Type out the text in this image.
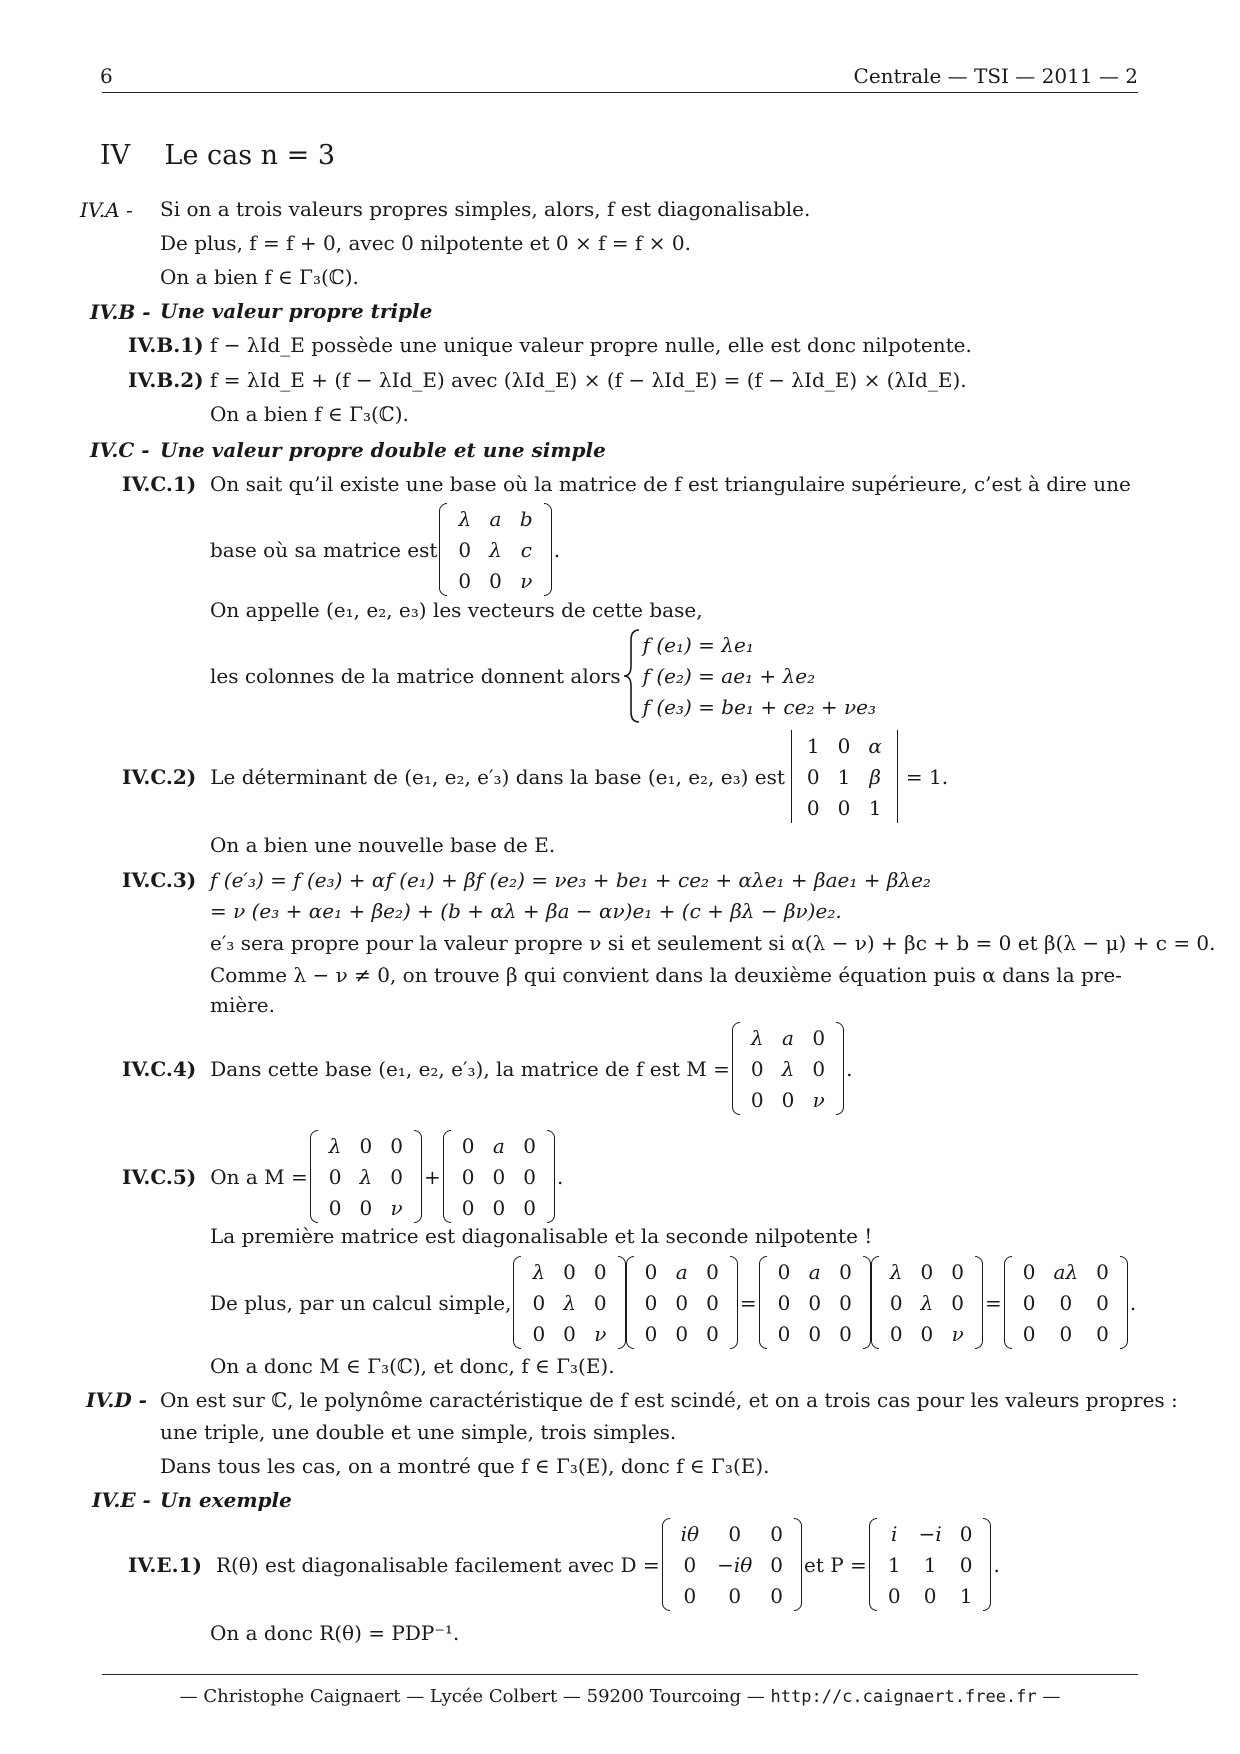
6	Centrale — TSI — 2011 — 2
IV Le cas n = 3
IV.A - Si on a trois valeurs propres simples, alors, f est diagonalisable.
De plus, f = f + 0, avec 0 nilpotente et 0 × f = f × 0.
On a bien f ∈ Γ₃(ℂ).
IV.B - Une valeur propre triple
IV.B.1) f − λId_E possède une unique valeur propre nulle, elle est donc nilpotente.
IV.B.2) f = λId_E + (f − λId_E) avec (λId_E) × (f − λId_E) = (f − λId_E) × (λId_E).
On a bien f ∈ Γ₃(ℂ).
IV.C - Une valeur propre double et une simple
IV.C.1) On sait qu’il existe une base où la matrice de f est triangulaire supérieure, c’est à dire une
base où sa matrice est
λ	a	b
0	λ	c
0	0	ν
.
On appelle (e₁, e₂, e₃) les vecteurs de cette base,
les colonnes de la matrice donnent alors
f (e₁) = λe₁
f (e₂) = ae₁ + λe₂
f (e₃) = be₁ + ce₂ + νe₃
IV.C.2) Le déterminant de (e₁, e₂, e′₃) dans la base (e₁, e₂, e₃) est
1	0	α
0	1	β
0	0	1
= 1.
On a bien une nouvelle base de E.
IV.C.3) f (e′₃) = f (e₃) + αf (e₁) + βf (e₂) = νe₃ + be₁ + ce₂ + αλe₁ + βae₁ + βλe₂
= ν (e₃ + αe₁ + βe₂) + (b + αλ + βa − αν)e₁ + (c + βλ − βν)e₂.
e′₃ sera propre pour la valeur propre ν si et seulement si α(λ − ν) + βc + b = 0 et β(λ − μ) + c = 0.
Comme λ − ν ≠ 0, on trouve β qui convient dans la deuxième équation puis α dans la pre-
mière.
IV.C.4) Dans cette base (e₁, e₂, e′₃), la matrice de f est M =
λ	a	0
0	λ	0
0	0	ν
.
IV.C.5) On a M =
λ	0	0
0	λ	0
0	0	ν
+
0	a	0
0	0	0
0	0	0
.
La première matrice est diagonalisable et la seconde nilpotente !
De plus, par un calcul simple,
λ	0	0
0	λ	0
0	0	ν
0	a	0
0	0	0
0	0	0
=
0	a	0
0	0	0
0	0	0
λ	0	0
0	λ	0
0	0	ν
=
0	aλ	0
0	0	0
0	0	0
.
On a donc M ∈ Γ₃(ℂ), et donc, f ∈ Γ₃(E).
IV.D - On est sur ℂ, le polynôme caractéristique de f est scindé, et on a trois cas pour les valeurs propres :
une triple, une double et une simple, trois simples.
Dans tous les cas, on a montré que f ∈ Γ₃(E), donc f ∈ Γ₃(E).
IV.E - Un exemple
IV.E.1) R(θ) est diagonalisable facilement avec D =
iθ	0	0
0	−iθ	0
0	0	0
et P =
i	−i	0
1	1	0
0	0	1
.
On a donc R(θ) = PDP⁻¹.
— Christophe Caignaert — Lycée Colbert — 59200 Tourcoing — http://c.caignaert.free.fr —
